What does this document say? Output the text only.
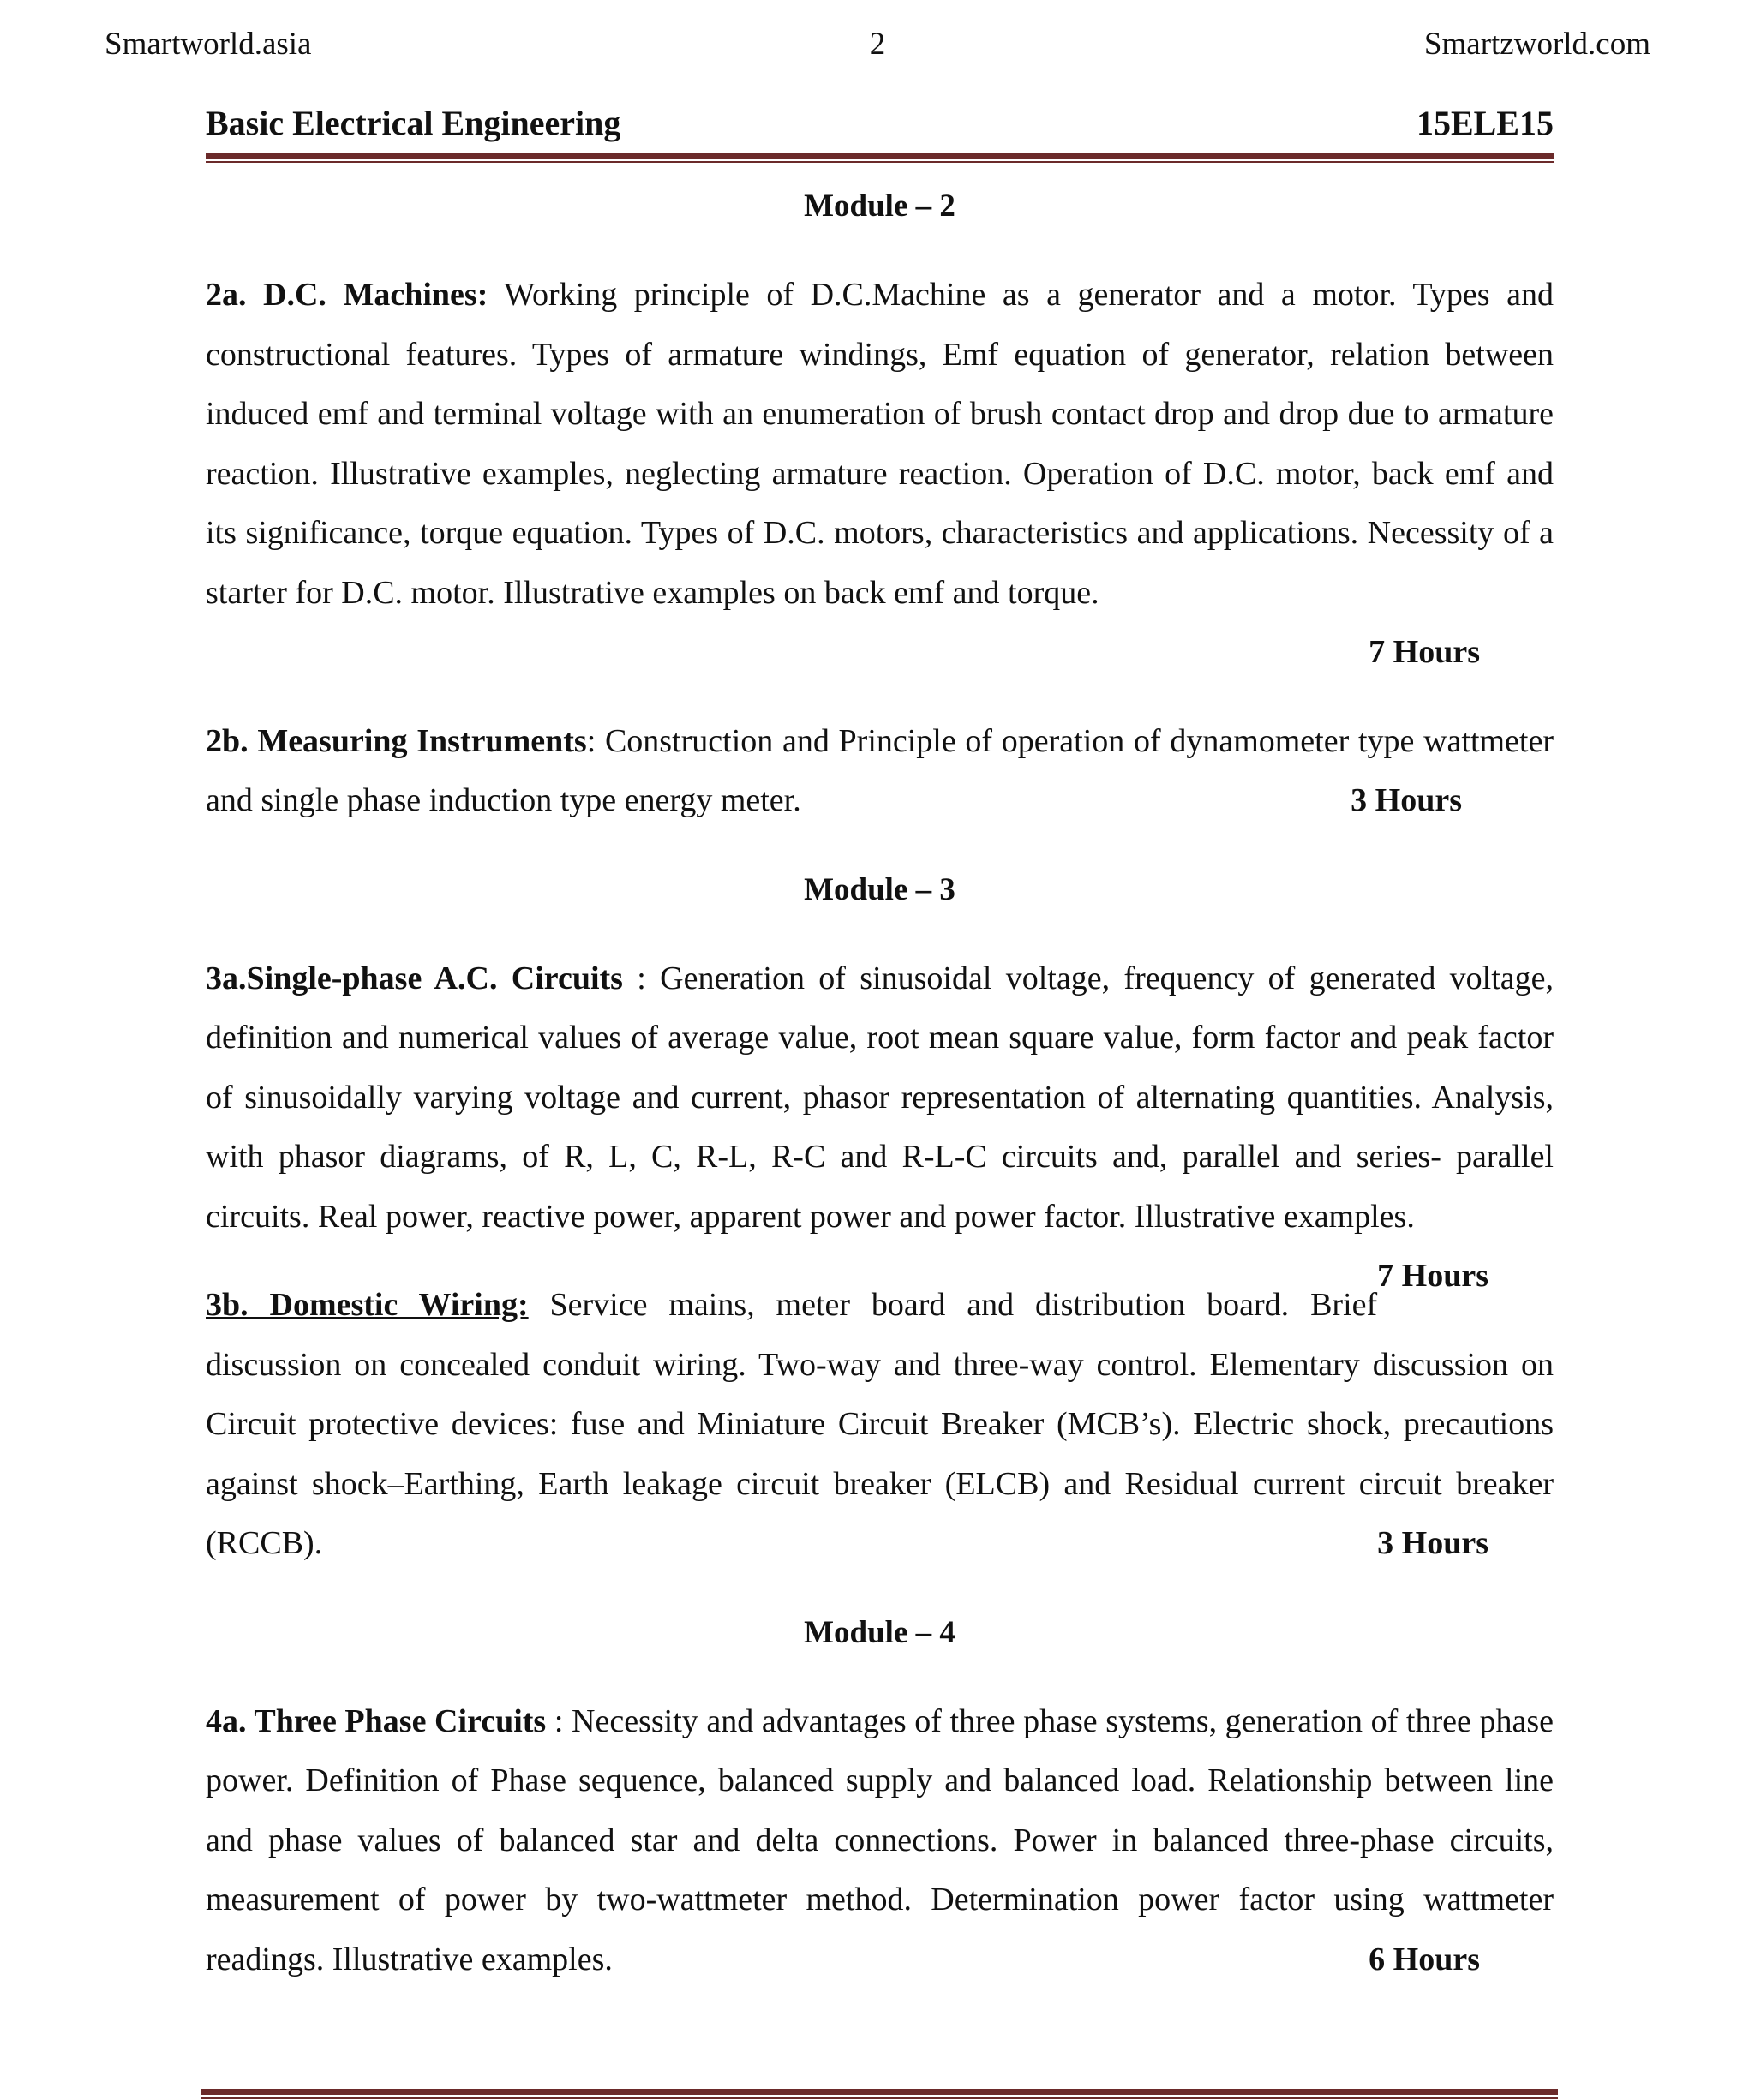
Smartworld.asia	2	Smartzworld.com
Basic Electrical Engineering	15ELE15
Module – 2

2a. D.C. Machines: Working principle of D.C.Machine as a generator and a motor. Types and constructional features. Types of armature windings, Emf equation of generator, relation between induced emf and terminal voltage with an enumeration of brush contact drop and drop due to armature reaction. Illustrative examples, neglecting armature reaction. Operation of D.C. motor, back emf and its significance, torque equation. Types of D.C. motors, characteristics and applications. Necessity of a starter for D.C. motor. Illustrative examples on back emf and torque.

7 Hours

2b. Measuring Instruments: Construction and Principle of operation of dynamometer type wattmeter and single phase induction type energy meter.	3 Hours

Module – 3

3a.Single-phase A.C. Circuits : Generation of sinusoidal voltage, frequency of generated voltage, definition and numerical values of average value, root mean square value, form factor and peak factor of sinusoidally varying voltage and current, phasor representation of alternating quantities. Analysis, with phasor diagrams, of R, L, C, R-L, R-C and R-L-C circuits and, parallel and series- parallel circuits. Real power, reactive power, apparent power and power factor. Illustrative examples.
7 Hours

3b. Domestic Wiring: Service mains, meter board and distribution board. Brief discussion on concealed conduit wiring. Two-way and three-way control. Elementary discussion on Circuit protective devices: fuse and Miniature Circuit Breaker (MCB’s). Electric shock, precautions against shock–Earthing, Earth leakage circuit breaker (ELCB) and Residual current circuit breaker (RCCB).	3 Hours

Module – 4

4a. Three Phase Circuits : Necessity and advantages of three phase systems, generation of three phase power. Definition of Phase sequence, balanced supply and balanced load. Relationship between line and phase values of balanced star and delta connections. Power in balanced three-phase circuits, measurement of power by two-wattmeter method. Determination power factor using wattmeter readings. Illustrative examples.	6 Hours
